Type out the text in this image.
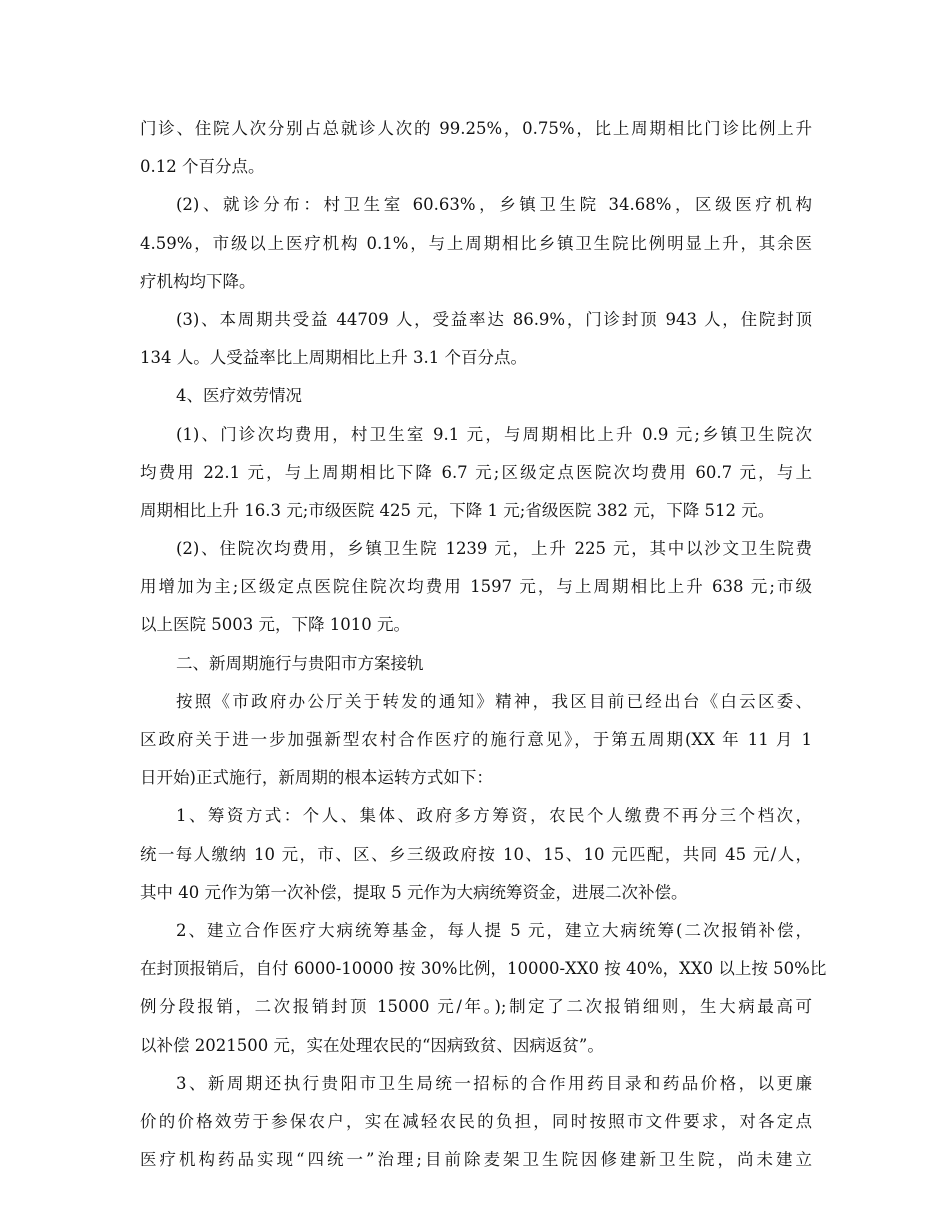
门诊、住院人次分别占总就诊人次的 99.25%，0.75%，比上周期相比门诊比例上升
0.12 个百分点。
(2)、就诊分布：村卫生室 60.63%，乡镇卫生院 34.68%，区级医疗机构
4.59%，市级以上医疗机构 0.1%，与上周期相比乡镇卫生院比例明显上升，其余医
疗机构均下降。
(3)、本周期共受益 44709 人，受益率达 86.9%，门诊封顶 943 人，住院封顶
134 人。人受益率比上周期相比上升 3.1 个百分点。
4、医疗效劳情况
(1)、门诊次均费用，村卫生室 9.1 元，与周期相比上升 0.9 元;乡镇卫生院次
均费用 22.1 元，与上周期相比下降 6.7 元;区级定点医院次均费用 60.7 元，与上
周期相比上升 16.3 元;市级医院 425 元，下降 1 元;省级医院 382 元，下降 512 元。
(2)、住院次均费用，乡镇卫生院 1239 元，上升 225 元，其中以沙文卫生院费
用增加为主;区级定点医院住院次均费用 1597 元，与上周期相比上升 638 元;市级
以上医院 5003 元，下降 1010 元。
二、新周期施行与贵阳市方案接轨
按照《市政府办公厅关于转发的通知》精神，我区目前已经出台《白云区委、
区政府关于进一步加强新型农村合作医疗的施行意见》，于第五周期(XX 年 11 月 1
日开始)正式施行，新周期的根本运转方式如下：
1、筹资方式：个人、集体、政府多方筹资，农民个人缴费不再分三个档次，
统一每人缴纳 10 元，市、区、乡三级政府按 10、15、10 元匹配，共同 45 元/人，
其中 40 元作为第一次补偿，提取 5 元作为大病统筹资金，进展二次补偿。
2、建立合作医疗大病统筹基金，每人提 5 元，建立大病统筹(二次报销补偿，
在封顶报销后，自付 6000-10000 按 30%比例，10000-XX0 按 40%，XX0 以上按 50%比
例分段报销，二次报销封顶 15000 元/年。);制定了二次报销细则，生大病最高可
以补偿 2021500 元，实在处理农民的“因病致贫、因病返贫”。
3、新周期还执行贵阳市卫生局统一招标的合作用药目录和药品价格，以更廉
价的价格效劳于参保农户，实在减轻农民的负担，同时按照市文件要求，对各定点
医疗机构药品实现“四统一”治理;目前除麦架卫生院因修建新卫生院，尚未建立
